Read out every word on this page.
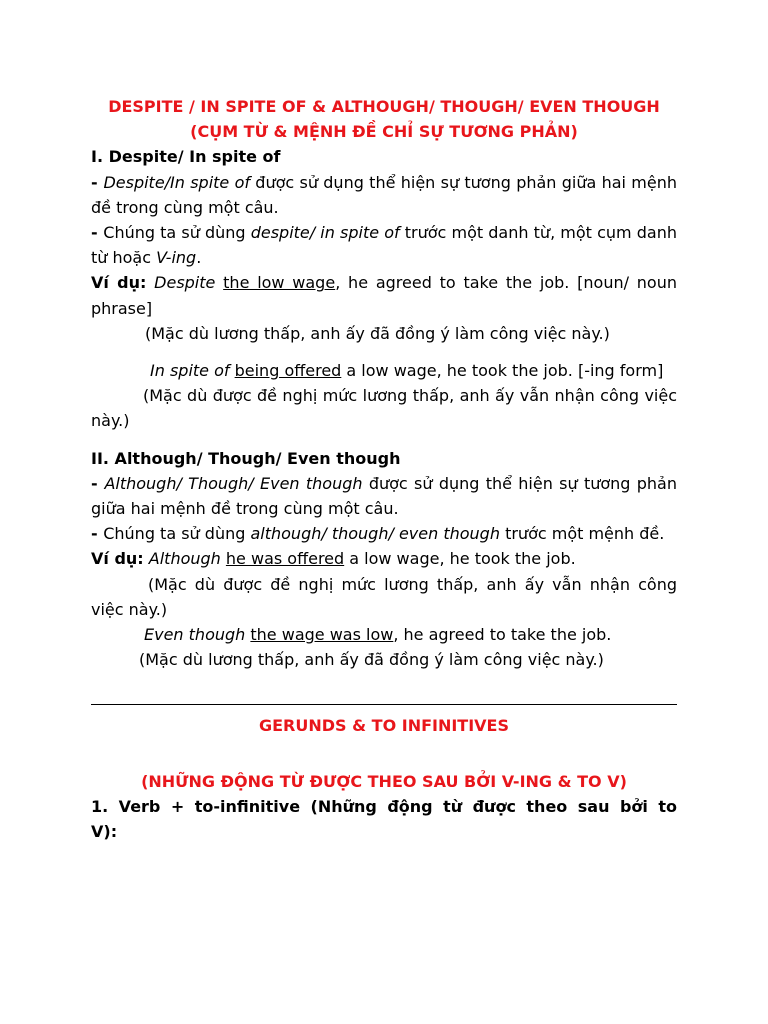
DESPITE / IN SPITE OF & ALTHOUGH/ THOUGH/ EVEN THOUGH

(CỤM TỪ & MỆNH ĐỀ CHỈ SỰ TƯƠNG PHẢN)

I. Despite/ In spite of

- Despite/In spite of được sử dụng thể hiện sự tương phản giữa hai mệnh đề trong cùng một câu.

- Chúng ta sử dùng despite/ in spite of trước một danh từ, một cụm danh từ hoặc V-ing.

Ví dụ: Despite the low wage, he agreed to take the job. [noun/ noun phrase]

(Mặc dù lương thấp, anh ấy đã đồng ý làm công việc này.)

In spite of being offered a low wage, he took the job. [-ing form]

(Mặc dù được đề nghị mức lương thấp, anh ấy vẫn nhận công việc này.)

II. Although/ Though/ Even though

- Although/ Though/ Even though được sử dụng thể hiện sự tương phản giữa hai mệnh đề trong cùng một câu.

- Chúng ta sử dùng although/ though/ even though trước một mệnh đề.

Ví dụ: Although he was offered a low wage, he took the job.

(Mặc dù được đề nghị mức lương thấp, anh ấy vẫn nhận công việc này.)

Even though the wage was low, he agreed to take the job.

(Mặc dù lương thấp, anh ấy đã đồng ý làm công việc này.)

GERUNDS & TO INFINITIVES

(NHỮNG ĐỘNG TỪ ĐƯỢC THEO SAU BỞI V-ING & TO V)

1. Verb + to-infinitive (Những động từ được theo sau bởi to

V):
